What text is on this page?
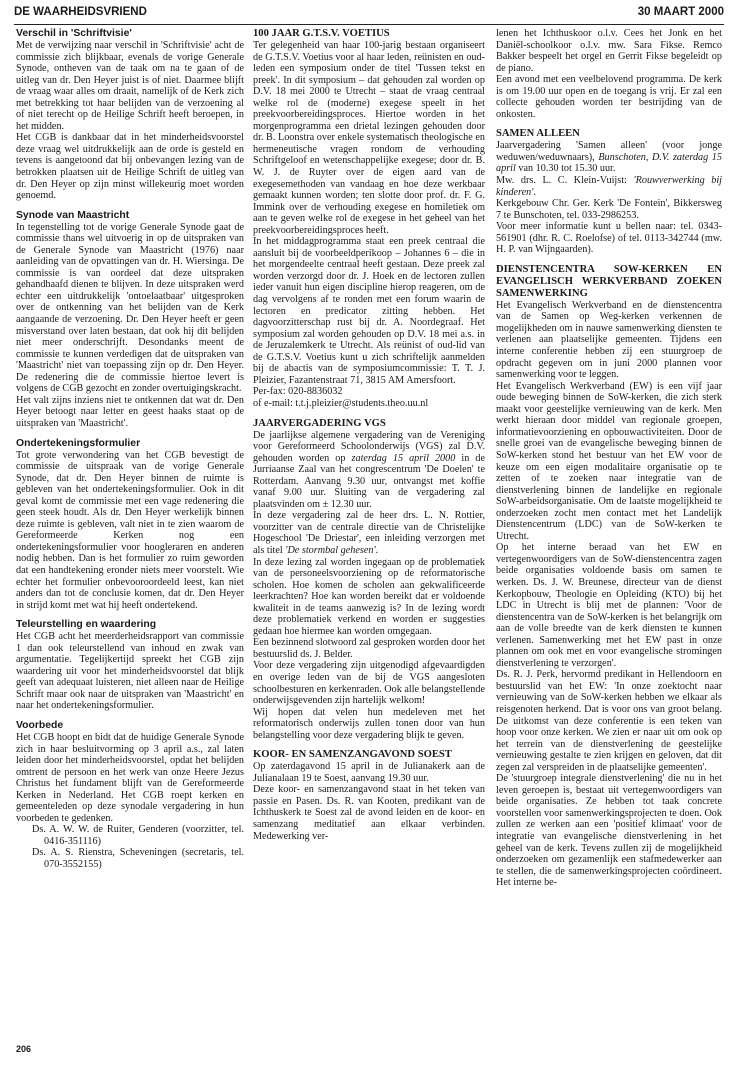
DE WAARHEIDSVRIEND	30 MAART 2000
Verschil in 'Schriftvisie'

Met de verwijzing naar verschil in 'Schriftvisie' acht de commissie zich blijkbaar, evenals de vorige Generale Synode, ontheven van de taak om na te gaan of de uitleg van dr. Den Heyer juist is of niet. Daarmee blijft de vraag waar alles om draait, namelijk of de Kerk zich met betrekking tot haar belijden van de verzoening al of niet terecht op de Heilige Schrift heeft beroepen, in het midden.

Het CGB is dankbaar dat in het minderheidsvoorstel deze vraag wel uitdrukkelijk aan de orde is gesteld en tevens is aangetoond dat bij onbevangen lezing van de betrokken plaatsen uit de Heilige Schrift de uitleg van dr. Den Heyer op zijn minst willekeurig moet worden genoemd.

Synode van Maastricht

In tegenstelling tot de vorige Generale Synode gaat de commissie thans wel uitvoerig in op de uitspraken van de Generale Synode van Maastricht (1976) naar aanleiding van de opvattingen van dr. H. Wiersinga. De commissie is van oordeel dat deze uitspraken gehandhaafd dienen te blijven. In deze uitspraken werd echter een uitdrukkelijk 'ontoelaatbaar' uitgesproken over de ontkenning van het belijden van de Kerk aangaande de verzoening. Dr. Den Heyer heeft er geen misverstand over laten bestaan, dat ook hij dit belijden niet meer onderschrijft. Desondanks meent de commissie te kunnen verdedigen dat de uitspraken van 'Maastricht' niet van toepassing zijn op dr. Den Heyer. De redenering die de commissie hiertoe levert is volgens de CGB gezocht en zonder overtuigingskracht.

Het valt zijns inziens niet te ontkennen dat wat dr. Den Heyer betoogt naar letter en geest haaks staat op de uitspraken van 'Maastricht'.

Ondertekeningsformulier

Tot grote verwondering van het CGB bevestigt de commissie de uitspraak van de vorige Generale Synode, dat dr. Den Heyer binnen de ruimte is gebleven van het ondertekeningsformulier. Ook in dit geval komt de commissie met een vage redenering die geen steek houdt. Als dr. Den Heyer werkelijk binnen deze ruimte is gebleven, valt niet in te zien waarom de Gereformeerde Kerken nog een ondertekeningsformulier voor hoogleraren en anderen nodig hebben. Dan is het formulier zo ruim geworden dat een handtekening eronder niets meer voorstelt. Wie echter het formulier onbevooroordeeld leest, kan niet anders dan tot de conclusie komen, dat dr. Den Heyer in strijd komt met wat hij heeft ondertekend.

Teleurstelling en waardering

Het CGB acht het meerderheidsrapport van commissie 1 dan ook teleurstellend van inhoud en zwak van argumentatie. Tegelijkertijd spreekt het CGB zijn waardering uit voor het minderheidsvoorstel dat blijk geeft van adequaat luisteren, niet alleen naar de Heilige Schrift maar ook naar de uitspraken van 'Maastricht' en naar het ondertekeningsformulier.

Voorbede

Het CGB hoopt en bidt dat de huidige Generale Synode zich in haar besluitvorming op 3 april a.s., zal laten leiden door het minderheidsvoorstel, opdat het belijden omtrent de persoon en het werk van onze Heere Jezus Christus het fundament blijft van de Gereformeerde Kerken in Nederland. Het CGB roept kerken en gemeenteleden op deze synodale vergadering in hun voorbeden te gedenken.

Ds. A. W. W. de Ruiter, Genderen (voorzitter, tel. 0416-351116)

Ds. A. S. Rienstra, Scheveningen (secretaris, tel. 070-3552155)

100 JAAR G.T.S.V. VOETIUS

Ter gelegenheid van haar 100-jarig bestaan organiseert de G.T.S.V. Voetius voor al haar leden, reünisten en oud-leden een symposium onder de titel 'Tussen tekst en preek'. In dit symposium – dat gehouden zal worden op D.V. 18 mei 2000 te Utrecht – staat de vraag centraal welke rol de (moderne) exegese speelt in het preekvoorbereidingsproces. Hiertoe worden in het morgenprogramma een drietal lezingen gehouden door dr. B. Loonstra over enkele systematisch theologische en hermeneutische vragen rondom de verhouding Schriftgeloof en wetenschappelijke exegese; door dr. B. W. J. de Ruyter over de eigen aard van de exegesemethoden van vandaag en hoe deze werkbaar gemaakt kunnen worden; ten slotte door prof. dr. F. G. Immink over de verhouding exegese en homiletiek om aan te geven welke rol de exegese in het geheel van het preekvoorbereidingsproces heeft.

In het middagprogramma staat een preek centraal die aansluit bij de voorbeeldperikoop – Johannes 6 – die in het morgendeelte centraal heeft gestaan. Deze preek zal worden verzorgd door dr. J. Hoek en de lectoren zullen ieder vanuit hun eigen discipline hierop reageren, om de dag vervolgens af te ronden met een forum waarin de lectoren en predicator zitting hebben. Het dagvoorzitterschap rust bij dr. A. Noordegraaf. Het symposium zal worden gehouden op D.V. 18 mei a.s. in de Jeruzalemkerk te Utrecht. Als reünist of oud-lid van de G.T.S.V. Voetius kunt u zich schriftelijk aanmelden bij de abactis van de symposiumcommissie: T. T. J. Pleizier, Fazantenstraat 71, 3815 AM Amersfoort.

Per-fax: 020-8836032

of e-mail: t.t.j.pleizier@students.theo.uu.nl

JAARVERGADERING VGS

De jaarlijkse algemene vergadering van de Vereniging voor Gereformeerd Schoolonderwijs (VGS) zal D.V. gehouden worden op zaterdag 15 april 2000 in de Jurriaanse Zaal van het congrescentrum 'De Doelen' te Rotterdam. Aanvang 9.30 uur, ontvangst met koffie vanaf 9.00 uur. Sluiting van de vergadering zal plaatsvinden om ± 12.30 uur.

In deze vergadering zal de heer drs. L. N. Rottier, voorzitter van de centrale directie van de Christelijke Hogeschool 'De Driestar', een inleiding verzorgen met als titel 'De stormbal gehesen'.

In deze lezing zal worden ingegaan op de problematiek van de personeelsvoorziening op de reformatorische scholen. Hoe komen de scholen aan gekwalificeerde leerkrachten? Hoe kan worden bereikt dat er voldoende kwaliteit in de teams aanwezig is? In de lezing wordt deze problematiek verkend en worden er suggesties gedaan hoe hiermee kan worden omgegaan.

Een bezinnend slotwoord zal gesproken worden door het bestuurslid ds. J. Belder.

Voor deze vergadering zijn uitgenodigd afgevaardigden en overige leden van de bij de VGS aangesloten schoolbesturen en kerkenraden. Ook alle belangstellende onderwijsgevenden zijn hartelijk welkom!

Wij hopen dat velen hun medeleven met het reformatorisch onderwijs zullen tonen door van hun belangstelling voor deze vergadering blijk te geven.

KOOR- EN SAMENZANGAVOND SOEST

Op zaterdagavond 15 april in de Julianakerk aan de Julianalaan 19 te Soest, aanvang 19.30 uur.

Deze koor- en samenzangavond staat in het teken van passie en Pasen. Ds. R. van Kooten, predikant van de Ichthuskerk te Soest zal de avond leiden en de koor- en samenzang meditatief aan elkaar verbinden. Medewerking ver-

lenen het Ichthuskoor o.l.v. Cees het Jonk en het Daniël-schoolkoor o.l.v. mw. Sara Fikse. Remco Bakker bespeelt het orgel en Gerrit Fikse begeleidt op de piano.

Een avond met een veelbelovend programma. De kerk is om 19.00 uur open en de toegang is vrij. Er zal een collecte gehouden worden ter bestrijding van de onkosten.

SAMEN ALLEEN

Jaarvergadering 'Samen alleen' (voor jonge weduwen/weduwnaars), Bunschoten, D.V. zaterdag 15 april van 10.30 tot 15.30 uur.

Mw. drs. L. C. Klein-Vuijst: 'Rouwverwerking bij kinderen'.

Kerkgebouw Chr. Ger. Kerk 'De Fontein', Bikkersweg 7 te Bunschoten, tel. 033-2986253.

Voor meer informatie kunt u bellen naar: tel. 0343-561901 (dhr. R. C. Roelofse) of tel. 0113-342744 (mw. H. P. van Wijngaarden).

DIENSTENCENTRA SOW-KERKEN EN EVANGELISCH WERKVERBAND ZOEKEN SAMENWERKING

Het Evangelisch Werkverband en de dienstencentra van de Samen op Weg-kerken verkennen de mogelijkheden om in nauwe samenwerking diensten te verlenen aan plaatselijke gemeenten. Tijdens een interne conferentie hebben zij een stuurgroep de opdracht gegeven om in juni 2000 plannen voor samenwerking voor te leggen.

Het Evangelisch Werkverband (EW) is een vijf jaar oude beweging binnen de SoW-kerken, die zich sterk maakt voor geestelijke vernieuwing van de kerk. Men werkt hieraan door middel van regionale groepen, informatievoorziening en opbouwactiviteiten. Door de snelle groei van de evangelische beweging binnen de SoW-kerken stond het bestuur van het EW voor de keuze om een eigen modalitaire organisatie op te zetten of te zoeken naar integratie van de dienstverlening binnen de landelijke en regionale SoW-arbeidsorganisatie. Om de laatste mogelijkheid te onderzoeken zocht men contact met het Landelijk Dienstencentrum (LDC) van de SoW-kerken te Utrecht.

Op het interne beraad van het EW en vertegenwoordigers van de SoW-dienstencentra zagen beide organisaties voldoende basis om samen te werken. Ds. J. W. Breunese, directeur van de dienst Kerkopbouw, Theologie en Opleiding (KTO) bij het LDC in Utrecht is blij met de plannen: 'Voor de dienstencentra van de SoW-kerken is het belangrijk om aan de volle breedte van de kerk diensten te kunnen verlenen. Samenwerking met het EW past in onze plannen om ook met en voor evangelische stromingen dienstverlening te verzorgen'.

Ds. R. J. Perk, hervormd predikant in Hellendoorn en bestuurslid van het EW: 'In onze zoektocht naar vernieuwing van de SoW-kerken hebben we elkaar als reisgenoten herkend. Dat is voor ons van groot belang. De uitkomst van deze conferentie is een teken van hoop voor onze kerken. We zien er naar uit om ook op het terrein van de dienstverlening de geestelijke vernieuwing gestalte te zien krijgen en geloven, dat dit zegen zal verspreiden in de plaatselijke gemeenten'.

De 'stuurgroep integrale dienstverlening' die nu in het leven geroepen is, bestaat uit vertegenwoordigers van beide organisaties. Ze hebben tot taak concrete voorstellen voor samenwerkingsprojecten te doen. Ook zullen ze werken aan een 'positief klimaat' voor de integratie van evangelische dienstverlening in het geheel van de kerk. Tevens zullen zij de mogelijkheid onderzoeken om gezamenlijk een stafmedewerker aan te stellen, die de samenwerkingsprojecten coördineert. Het interne be-

206
